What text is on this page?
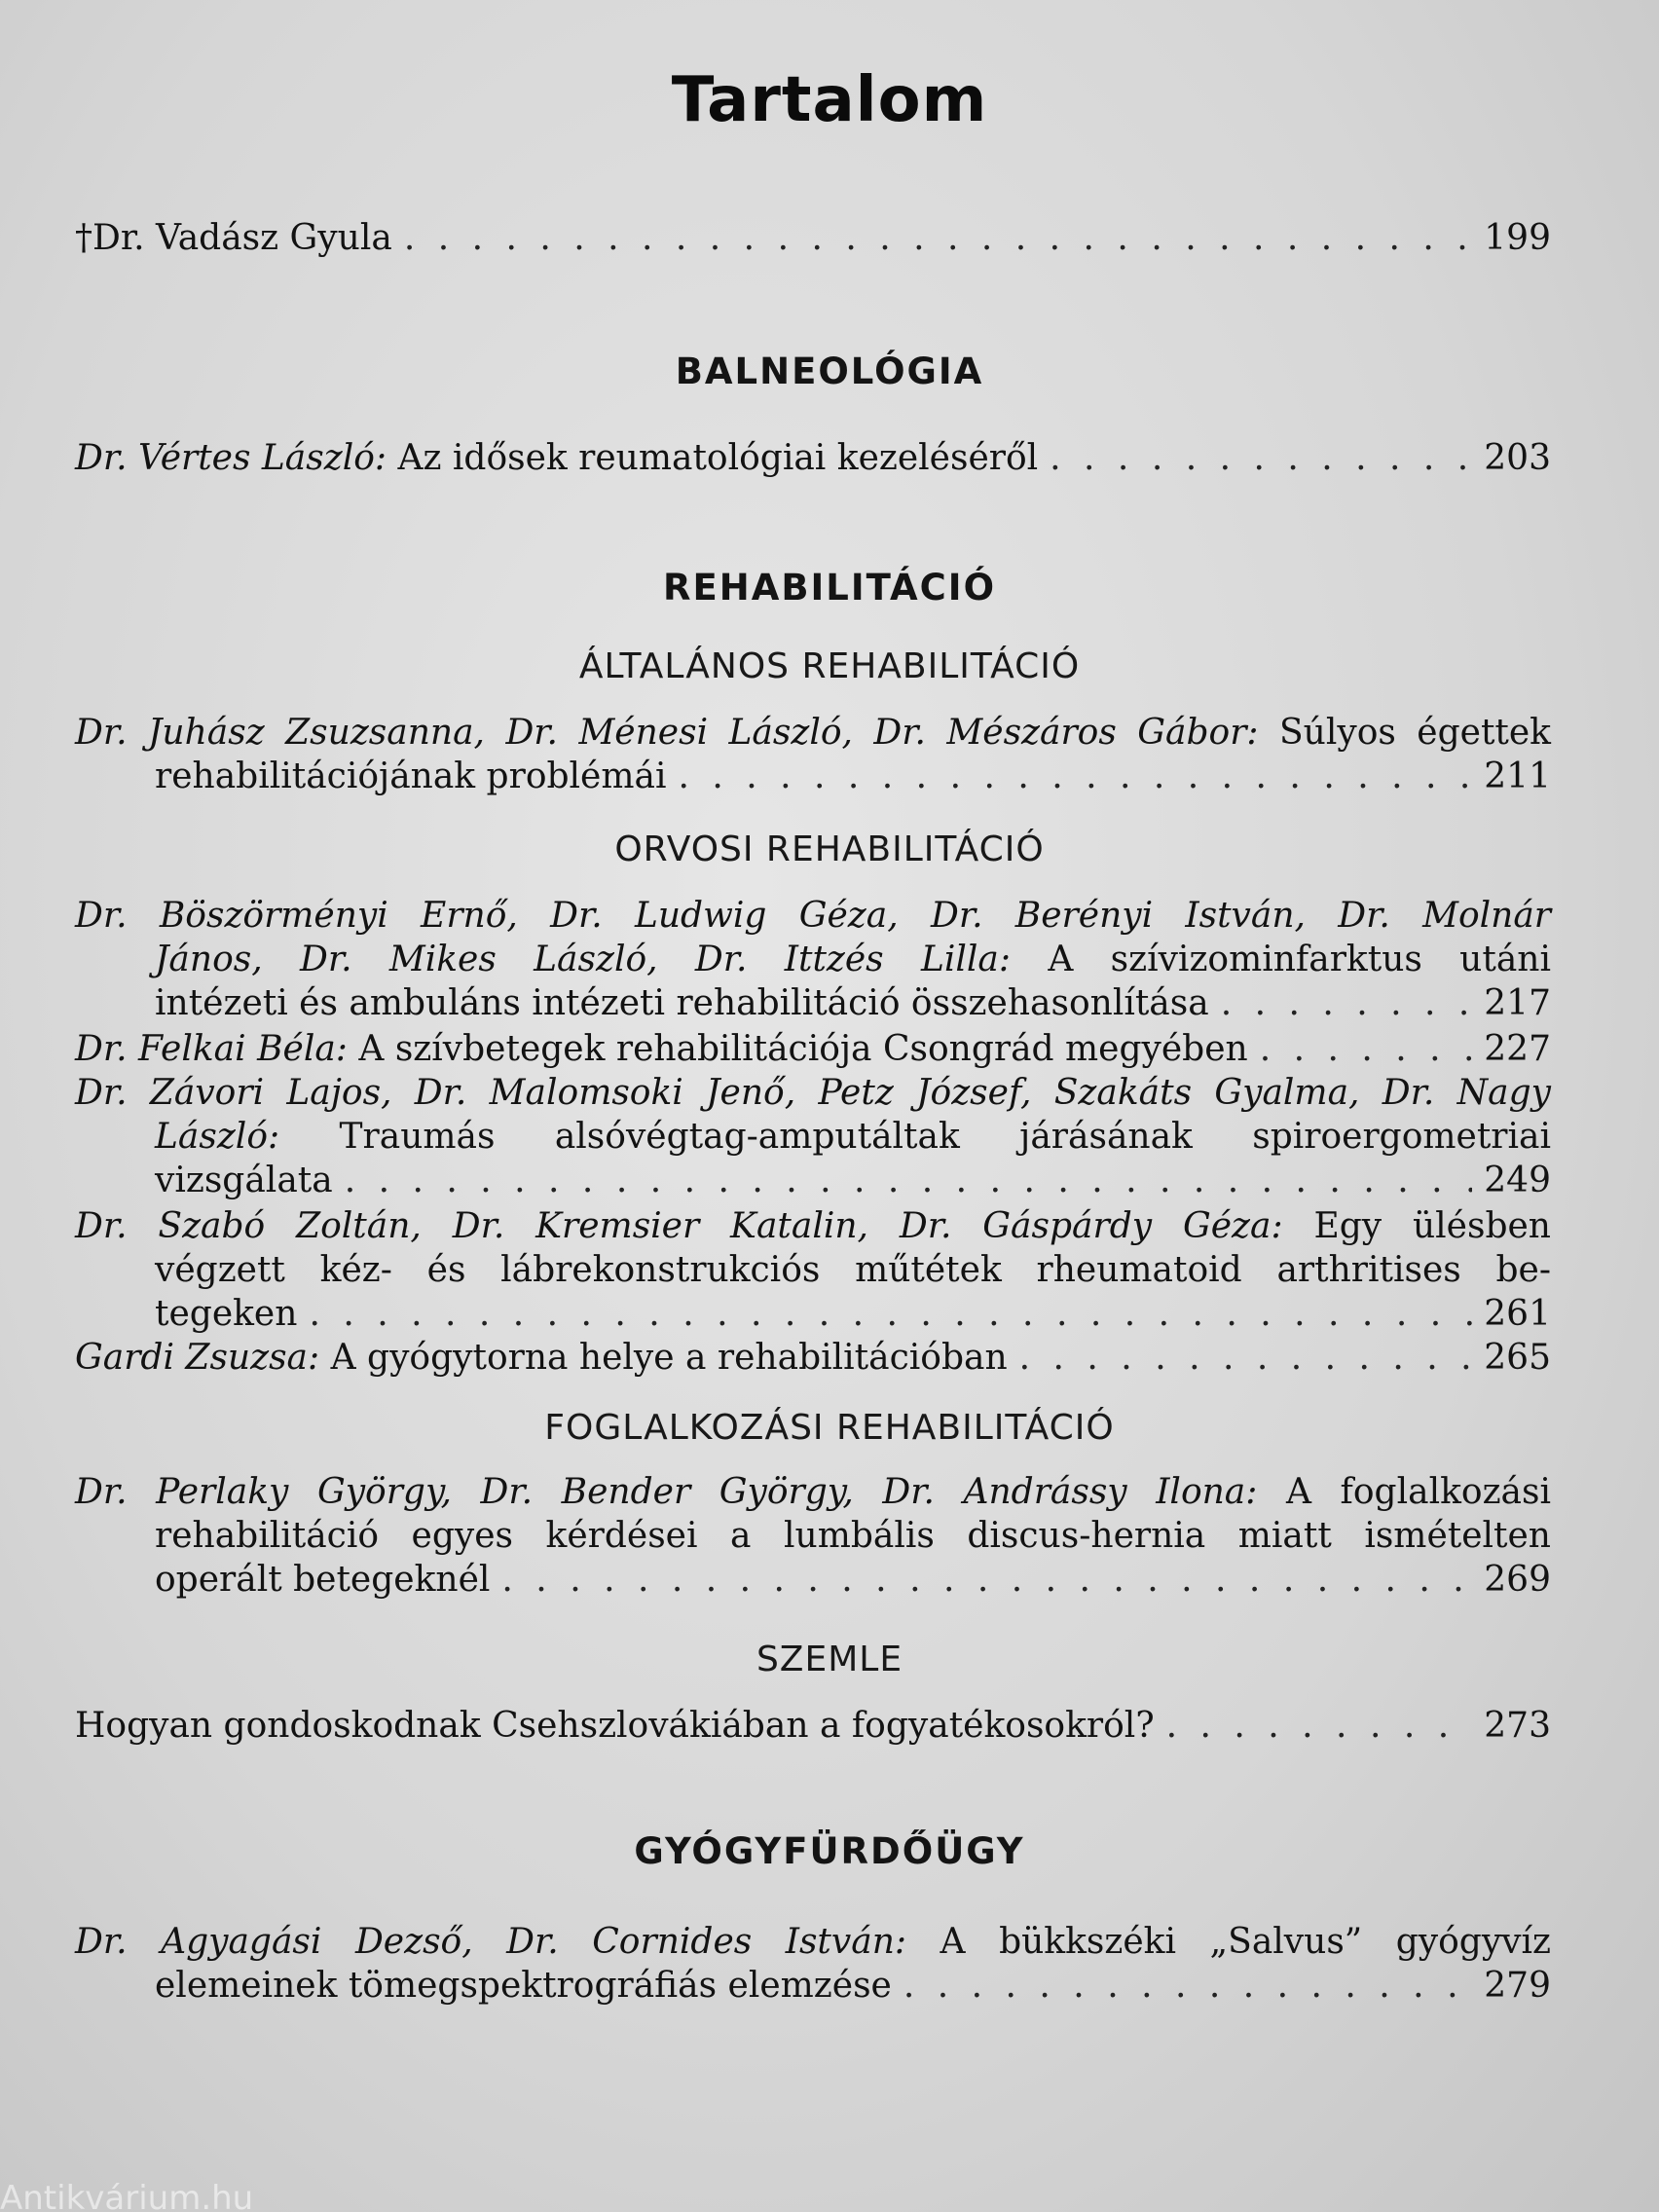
Tartalom
†Dr. Vadász Gyula . . .	199
BALNEOLÓGIA
Dr. Vértes László:
Az idősek reumatológiai kezeléséről . . .	203
REHABILITÁCIÓ
ÁLTALÁNOS REHABILITÁCIÓ
Dr. Juhász Zsuzsanna, Dr. Ménesi László, Dr. Mészáros Gábor: Súlyos égettek
rehabilitációjának problémái . . .	211
ORVOSI REHABILITÁCIÓ
Dr. Böszörményi Ernő, Dr. Ludwig Géza, Dr. Berényi István, Dr. Molnár
János, Dr. Mikes László, Dr. Ittzés Lilla: A szívizominfarktus utáni
intézeti és ambuláns intézeti rehabilitáció összehasonlítása . . .	217
Dr. Felkai Béla:
A szívbetegek rehabilitációja Csongrád megyében . . .	227
Dr. Závori Lajos, Dr. Malomsoki Jenő, Petz József, Szakáts Gyalma, Dr. Nagy
László: Traumás alsóvégtag-amputáltak járásának spiroergometriai
vizsgálata . . .	249
Dr. Szabó Zoltán, Dr. Kremsier Katalin, Dr. Gáspárdy Géza: Egy ülésben
végzett kéz- és lábrekonstrukciós műtétek rheumatoid arthritises be-
tegeken . . .	261
Gardi Zsuzsa:
A gyógytorna helye a rehabilitációban . . .	265
FOGLALKOZÁSI REHABILITÁCIÓ
Dr. Perlaky György, Dr. Bender György, Dr. Andrássy Ilona: A foglalkozási
rehabilitáció egyes kérdései a lumbális discus-hernia miatt ismételten
operált betegeknél . . .	269
SZEMLE
Hogyan gondoskodnak Csehszlovákiában a fogyatékosokról? . . .	273
GYÓGYFÜRDŐÜGY
Dr. Agyagási Dezső, Dr. Cornides István: A bükkszéki „Salvus” gyógyvíz
elemeinek tömegspektrográfiás elemzése . . .	279
Antikvárium.hu
